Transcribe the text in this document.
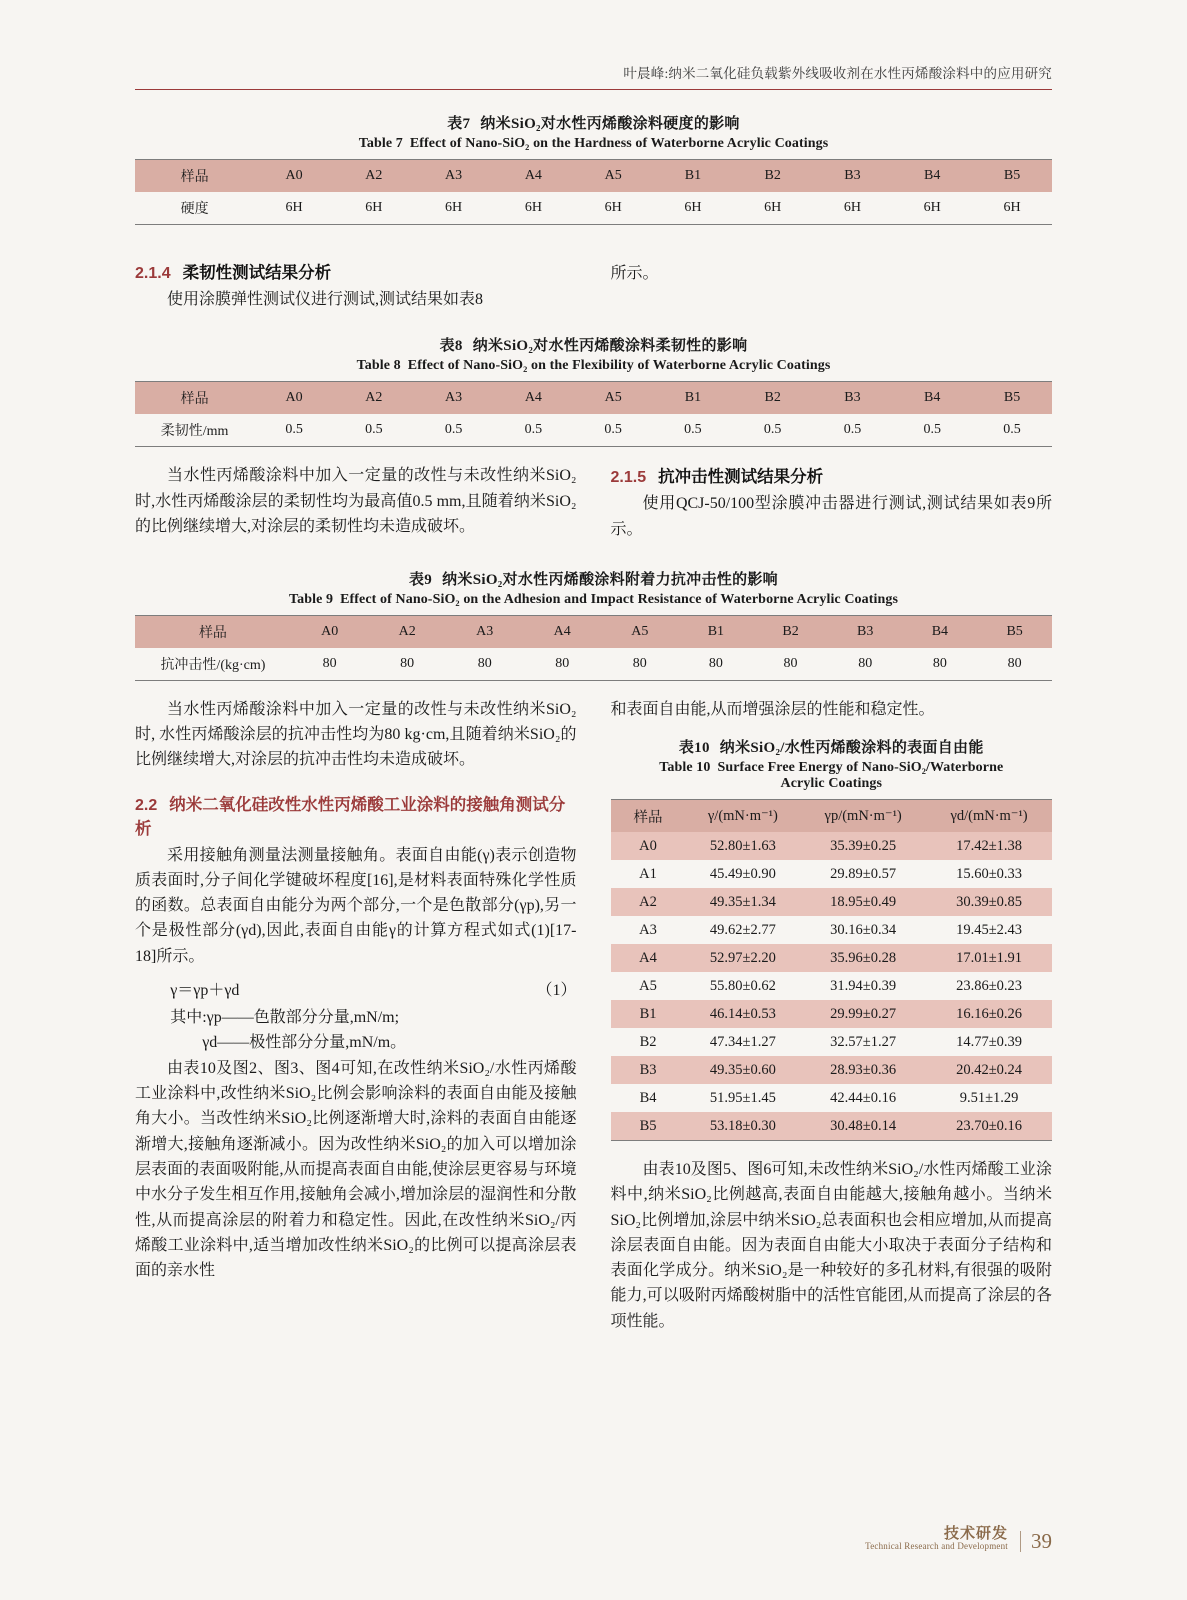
叶晨峰:纳米二氧化硅负载紫外线吸收剂在水性丙烯酸涂料中的应用研究
表7 纳米SiO₂对水性丙烯酸涂料硬度的影响
Table 7 Effect of Nano-SiO₂ on the Hardness of Waterborne Acrylic Coatings
样品	A0	A2	A3	A4	A5	B1	B2	B3	B4	B5
硬度	6H	6H	6H	6H	6H	6H	6H	6H	6H	6H
2.1.4 柔韧性测试结果分析

使用涂膜弹性测试仪进行测试,测试结果如表8

所示。

表8 纳米SiO₂对水性丙烯酸涂料柔韧性的影响
Table 8 Effect of Nano-SiO₂ on the Flexibility of Waterborne Acrylic Coatings
样品	A0	A2	A3	A4	A5	B1	B2	B3	B4	B5
柔韧性/mm	0.5	0.5	0.5	0.5	0.5	0.5	0.5	0.5	0.5	0.5

当水性丙烯酸涂料中加入一定量的改性与未改性纳米SiO₂时,水性丙烯酸涂层的柔韧性均为最高值0.5 mm,且随着纳米SiO₂的比例继续增大,对涂层的柔韧性均未造成破坏。

2.1.5 抗冲击性测试结果分析

使用QCJ-50/100型涂膜冲击器进行测试,测试结果如表9所示。

表9 纳米SiO₂对水性丙烯酸涂料附着力抗冲击性的影响
Table 9 Effect of Nano-SiO₂ on the Adhesion and Impact Resistance of Waterborne Acrylic Coatings
样品	A0	A2	A3	A4	A5	B1	B2	B3	B4	B5
抗冲击性/(kg·cm)	80	80	80	80	80	80	80	80	80	80

当水性丙烯酸涂料中加入一定量的改性与未改性纳米SiO₂时, 水性丙烯酸涂层的抗冲击性均为80 kg·cm,且随着纳米SiO₂的比例继续增大,对涂层的抗冲击性均未造成破坏。

2.2 纳米二氧化硅改性水性丙烯酸工业涂料的接触角测试分析

采用接触角测量法测量接触角。表面自由能(γ)表示创造物质表面时,分子间化学键破坏程度[16],是材料表面特殊化学性质的函数。总表面自由能分为两个部分,一个是色散部分(γp),另一个是极性部分(γd),因此,表面自由能γ的计算方程式如式(1)[17-18]所示。

（1）
γ＝γp＋γd

其中:γp——色散部分分量,mN/m;

γd——极性部分分量,mN/m。

由表10及图2、图3、图4可知,在改性纳米SiO₂/水性丙烯酸工业涂料中,改性纳米SiO₂比例会影响涂料的表面自由能及接触角大小。当改性纳米SiO₂比例逐渐增大时,涂料的表面自由能逐渐增大,接触角逐渐减小。因为改性纳米SiO₂的加入可以增加涂层表面的表面吸附能,从而提高表面自由能,使涂层更容易与环境中水分子发生相互作用,接触角会减小,增加涂层的湿润性和分散性,从而提高涂层的附着力和稳定性。因此,在改性纳米SiO₂/丙烯酸工业涂料中,适当增加改性纳米SiO₂的比例可以提高涂层表面的亲水性

和表面自由能,从而增强涂层的性能和稳定性。

表10 纳米SiO₂/水性丙烯酸涂料的表面自由能
Table 10 Surface Free Energy of Nano-SiO₂/Waterborne
Acrylic Coatings
样品	γ/(mN·m⁻¹)	γp/(mN·m⁻¹)	γd/(mN·m⁻¹)
A0	52.80±1.63	35.39±0.25	17.42±1.38
A1	45.49±0.90	29.89±0.57	15.60±0.33
A2	49.35±1.34	18.95±0.49	30.39±0.85
A3	49.62±2.77	30.16±0.34	19.45±2.43
A4	52.97±2.20	35.96±0.28	17.01±1.91
A5	55.80±0.62	31.94±0.39	23.86±0.23
B1	46.14±0.53	29.99±0.27	16.16±0.26
B2	47.34±1.27	32.57±1.27	14.77±0.39
B3	49.35±0.60	28.93±0.36	20.42±0.24
B4	51.95±1.45	42.44±0.16	9.51±1.29
B5	53.18±0.30	30.48±0.14	23.70±0.16

由表10及图5、图6可知,未改性纳米SiO₂/水性丙烯酸工业涂料中,纳米SiO₂比例越高,表面自由能越大,接触角越小。当纳米SiO₂比例增加,涂层中纳米SiO₂总表面积也会相应增加,从而提高涂层表面自由能。因为表面自由能大小取决于表面分子结构和表面化学成分。纳米SiO₂是一种较好的多孔材料,有很强的吸附能力,可以吸附丙烯酸树脂中的活性官能团,从而提高了涂层的各项性能。

技术研发
Technical Research and Development	39
